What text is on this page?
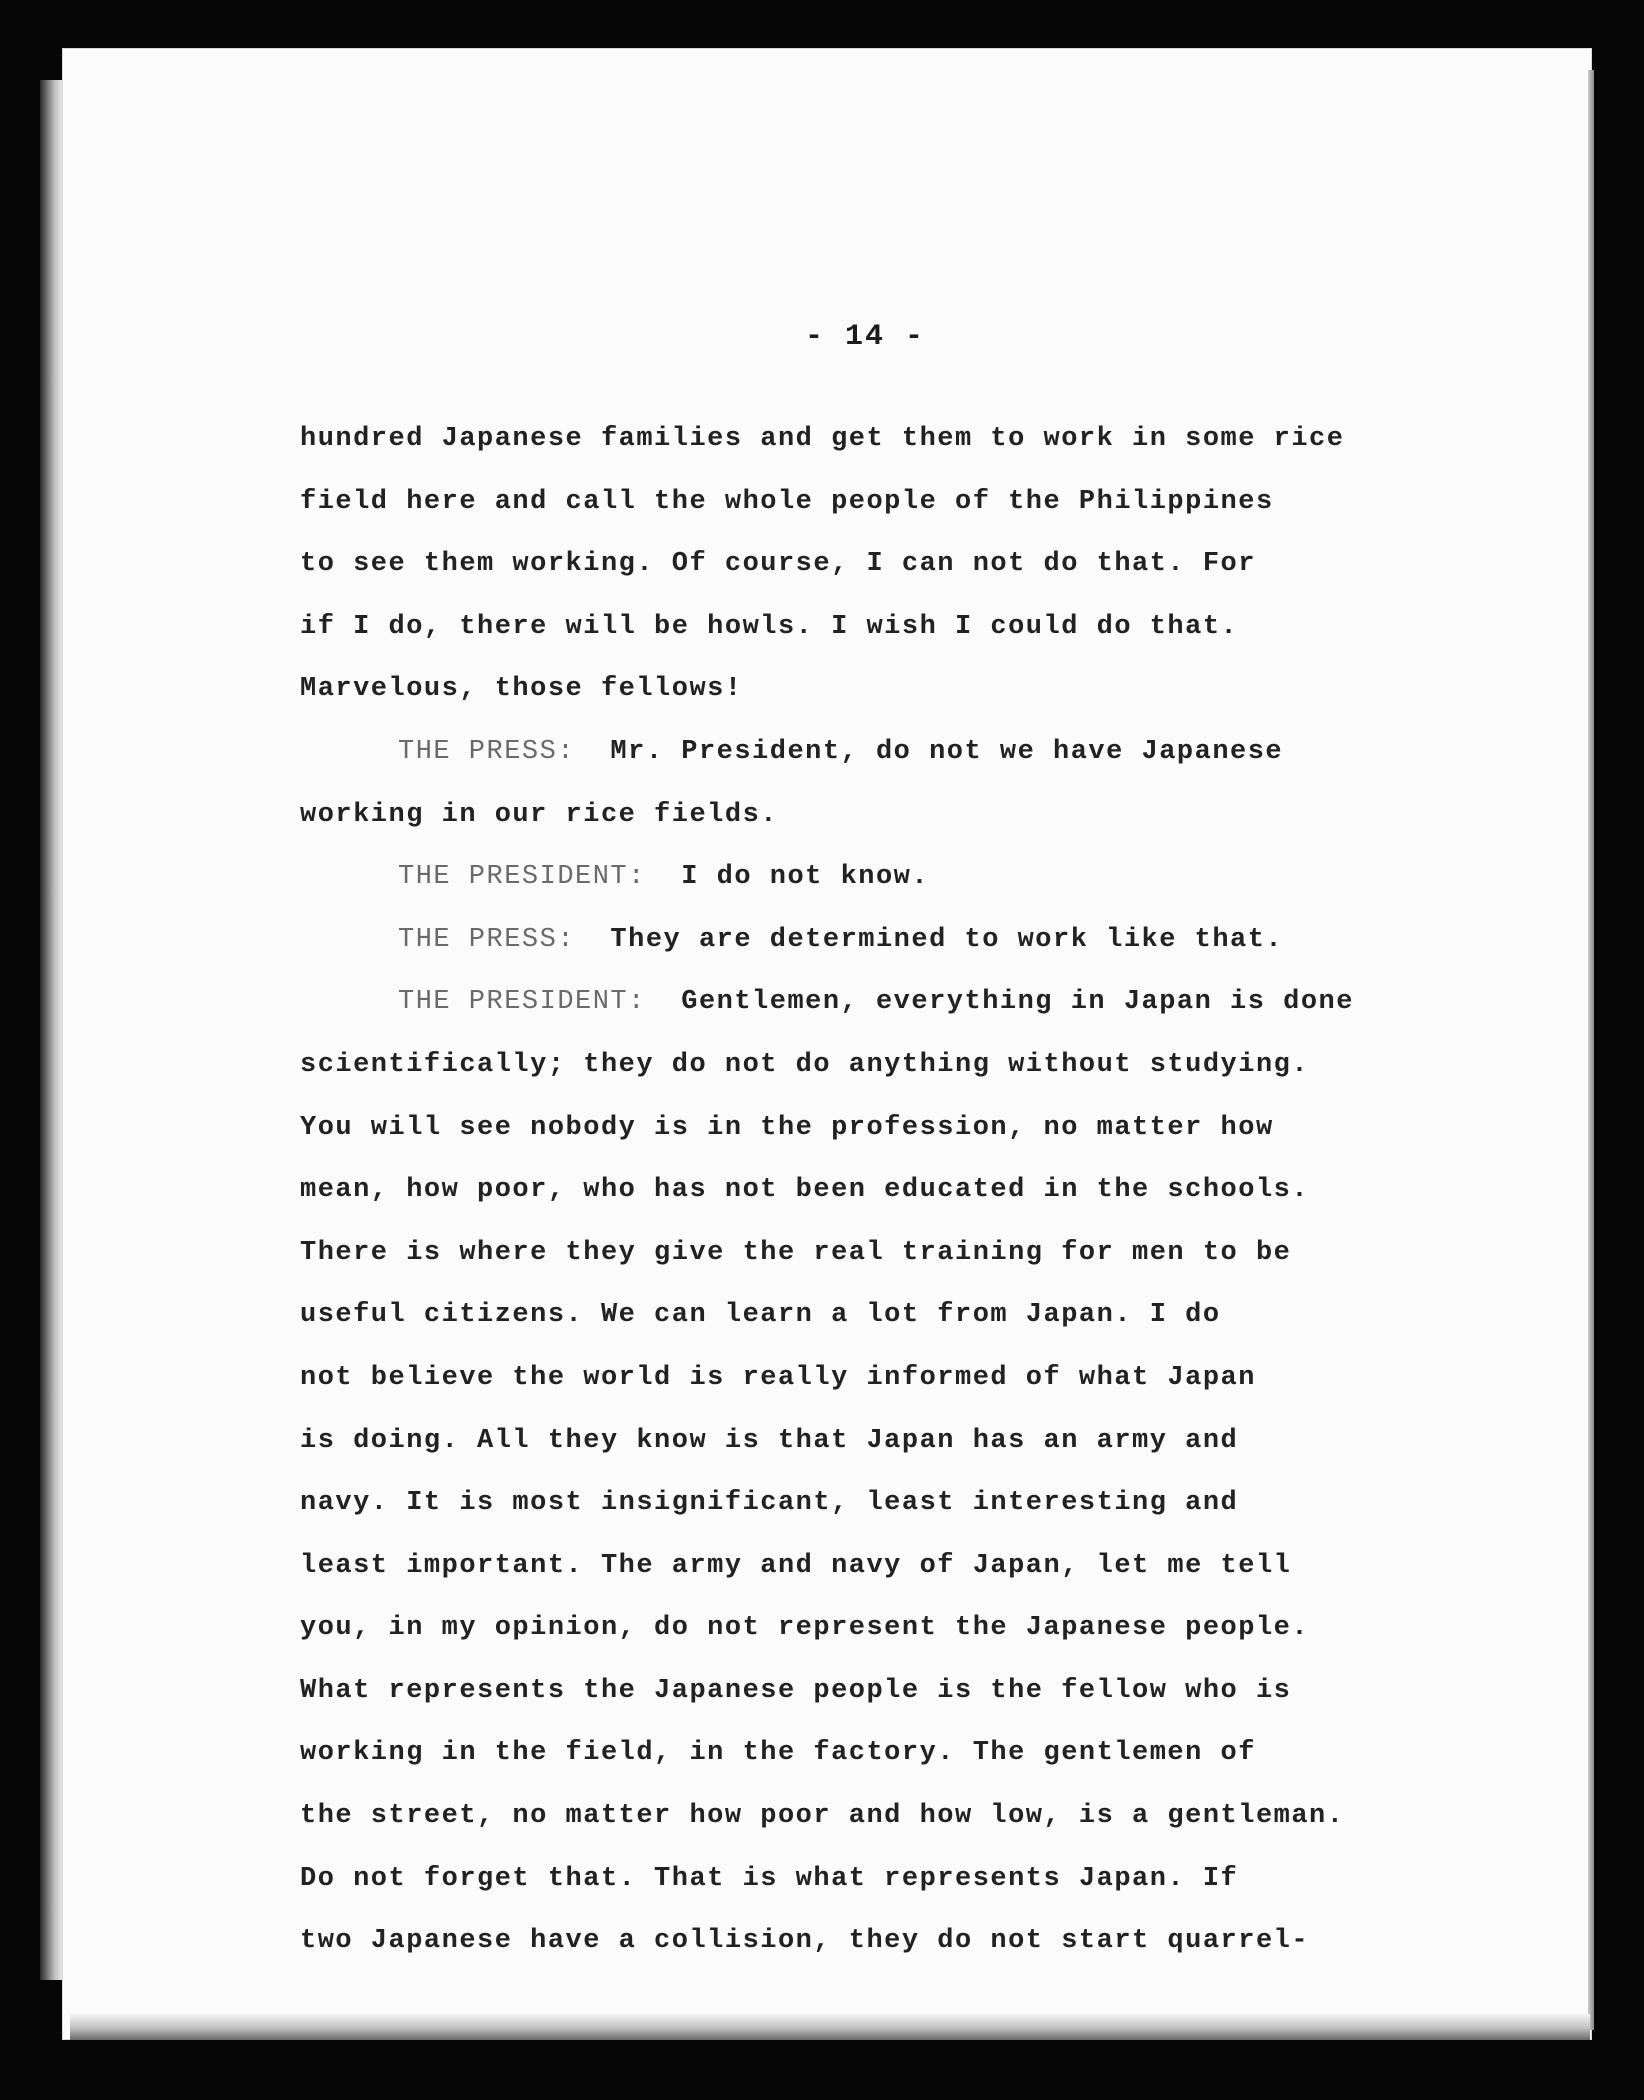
- 14 -
hundred Japanese families and get them to work in some rice
field here and call the whole people of the Philippines
to see them working. Of course, I can not do that. For
if I do, there will be howls. I wish I could do that.
Marvelous, those fellows!
THE PRESS:  Mr. President, do not we have Japanese
working in our rice fields.
THE PRESIDENT:  I do not know.
THE PRESS:  They are determined to work like that.
THE PRESIDENT:  Gentlemen, everything in Japan is done
scientifically; they do not do anything without studying.
You will see nobody is in the profession, no matter how
mean, how poor, who has not been educated in the schools.
There is where they give the real training for men to be
useful citizens. We can learn a lot from Japan. I do
not believe the world is really informed of what Japan
is doing. All they know is that Japan has an army and
navy. It is most insignificant, least interesting and
least important. The army and navy of Japan, let me tell
you, in my opinion, do not represent the Japanese people.
What represents the Japanese people is the fellow who is
working in the field, in the factory. The gentlemen of
the street, no matter how poor and how low, is a gentleman.
Do not forget that. That is what represents Japan. If
two Japanese have a collision, they do not start quarrel-
